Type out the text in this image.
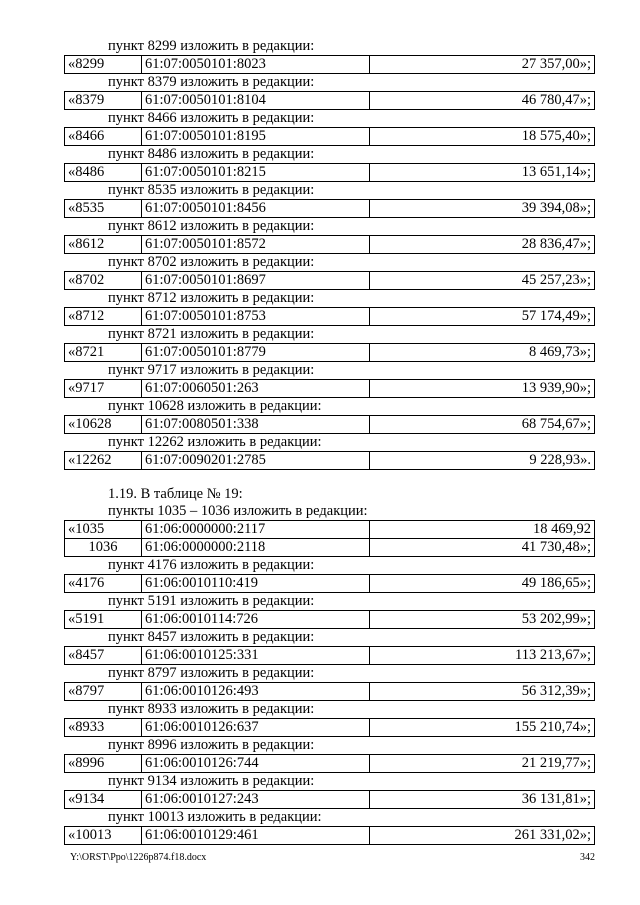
пункт 8299 изложить в редакции:
«8299	61:07:0050101:8023	27 357,00»;
пункт 8379 изложить в редакции:
«8379	61:07:0050101:8104	46 780,47»;
пункт 8466 изложить в редакции:
«8466	61:07:0050101:8195	18 575,40»;
пункт 8486 изложить в редакции:
«8486	61:07:0050101:8215	13 651,14»;
пункт 8535 изложить в редакции:
«8535	61:07:0050101:8456	39 394,08»;
пункт 8612 изложить в редакции:
«8612	61:07:0050101:8572	28 836,47»;
пункт 8702 изложить в редакции:
«8702	61:07:0050101:8697	45 257,23»;
пункт 8712 изложить в редакции:
«8712	61:07:0050101:8753	57 174,49»;
пункт 8721 изложить в редакции:
«8721	61:07:0050101:8779	8 469,73»;
пункт 9717 изложить в редакции:
«9717	61:07:0060501:263	13 939,90»;
пункт 10628 изложить в редакции:
«10628	61:07:0080501:338	68 754,67»;
пункт 12262 изложить в редакции:
«12262	61:07:0090201:2785	9 228,93».
1.19. В таблице № 19:
пункты 1035 – 1036 изложить в редакции:
«1035	61:06:0000000:2117	18 469,92
1036	61:06:0000000:2118	41 730,48»;
пункт 4176 изложить в редакции:
«4176	61:06:0010110:419	49 186,65»;
пункт 5191 изложить в редакции:
«5191	61:06:0010114:726	53 202,99»;
пункт 8457 изложить в редакции:
«8457	61:06:0010125:331	113 213,67»;
пункт 8797 изложить в редакции:
«8797	61:06:0010126:493	56 312,39»;
пункт 8933 изложить в редакции:
«8933	61:06:0010126:637	155 210,74»;
пункт 8996 изложить в редакции:
«8996	61:06:0010126:744	21 219,77»;
пункт 9134 изложить в редакции:
«9134	61:06:0010127:243	36 131,81»;
пункт 10013 изложить в редакции:
«10013	61:06:0010129:461	261 331,02»;
Y:\ORST\Ppo\1226p874.f18.docx	342
